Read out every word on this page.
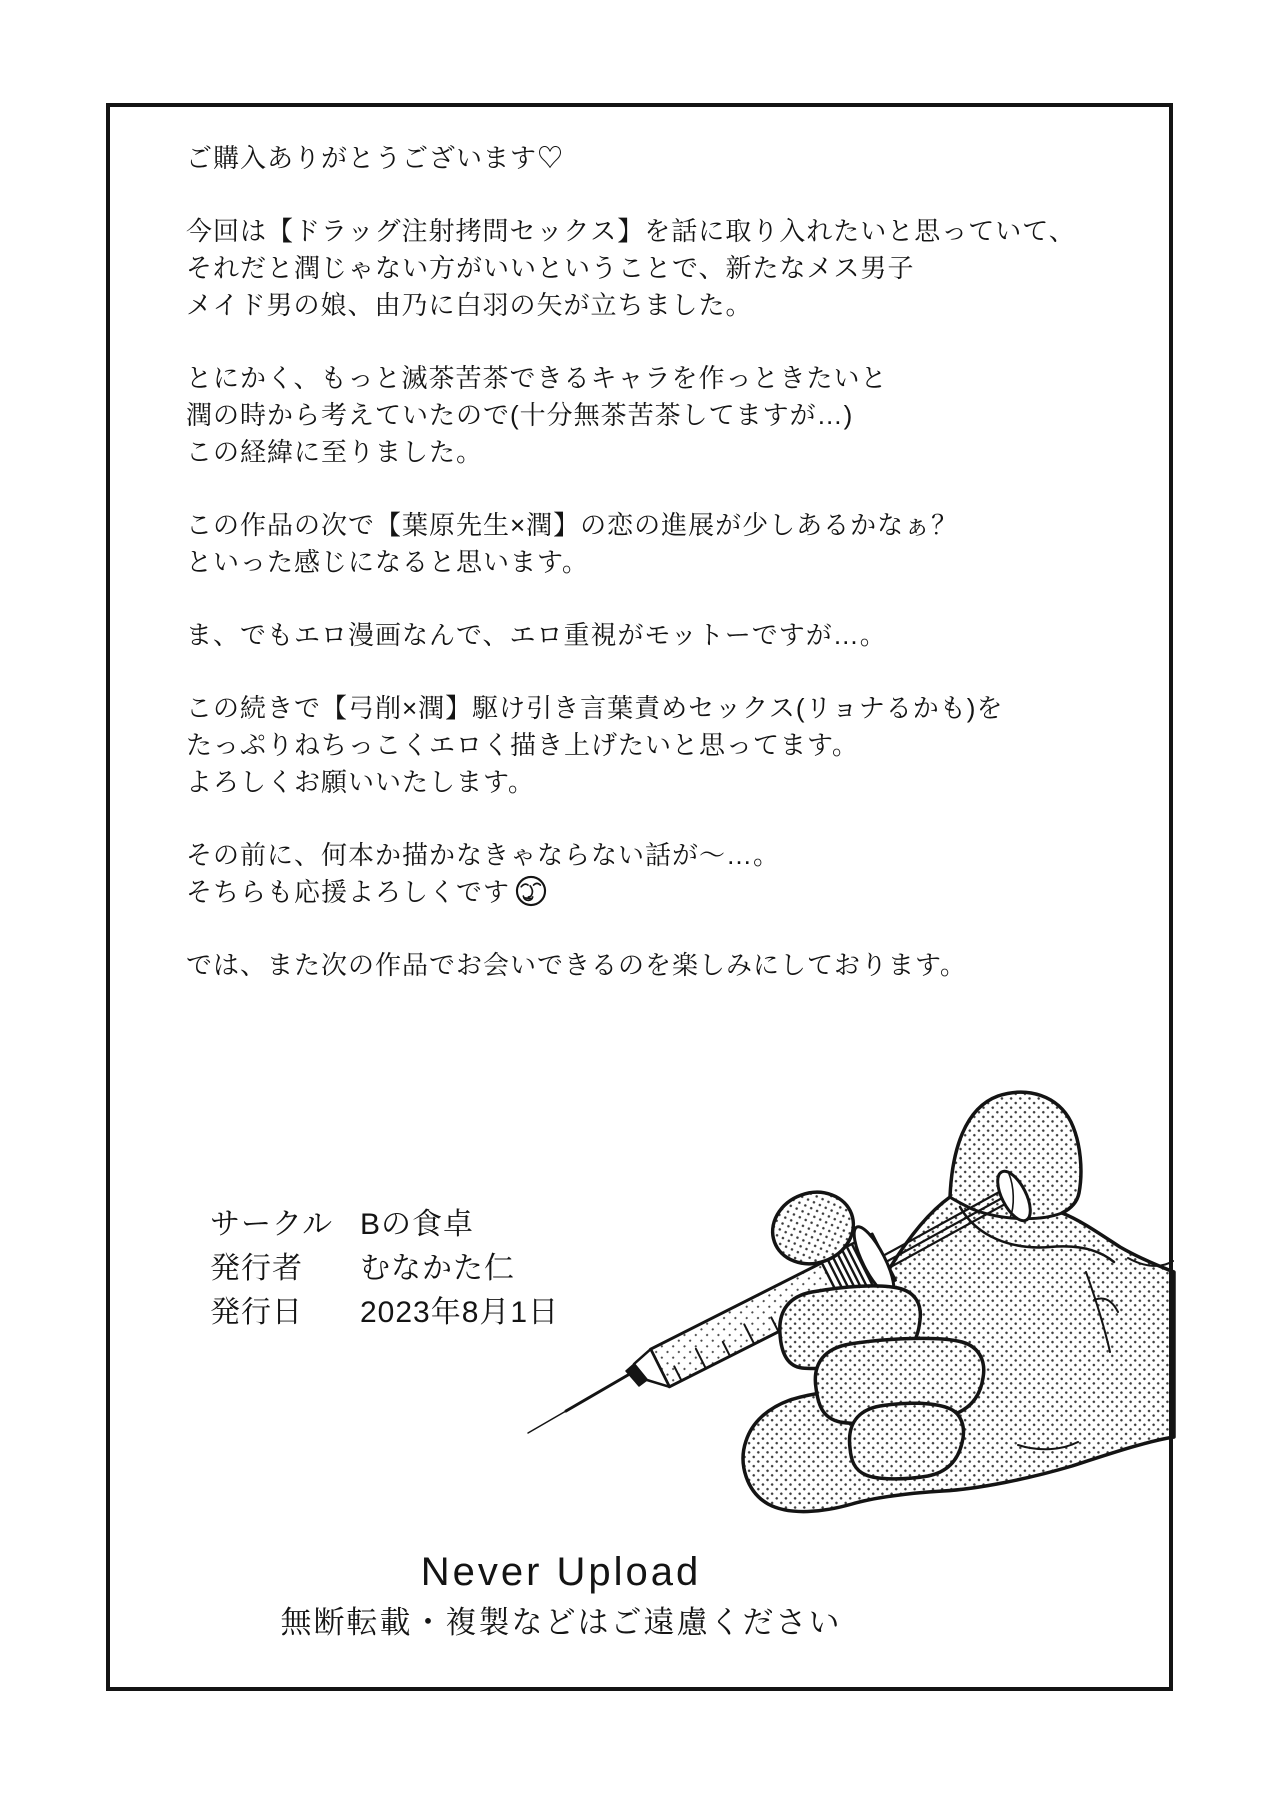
ご購入ありがとうございます♡

今回は【ドラッグ注射拷問セックス】を話に取り入れたいと思っていて、
それだと潤じゃない方がいいということで、新たなメス男子
メイド男の娘、由乃に白羽の矢が立ちました。

とにかく、もっと滅茶苦茶できるキャラを作っときたいと
潤の時から考えていたので(十分無茶苦茶してますが…)
この経緯に至りました。

この作品の次で【葉原先生×潤】の恋の進展が少しあるかなぁ？
といった感じになると思います。

ま、でもエロ漫画なんで、エロ重視がモットーですが…。

この続きで【弓削×潤】駆け引き言葉責めセックス(リョナるかも)を
たっぷりねちっこくエロく描き上げたいと思ってます。
よろしくお願いいたします。

その前に、何本か描かなきゃならない話が～…。
そちらも応援よろしくです

では、また次の作品でお会いできるのを楽しみにしております。

サークル Bの食卓
発行者	むなかた仁
発行日	2023年8月1日
Never Upload
無断転載・複製などはご遠慮ください
